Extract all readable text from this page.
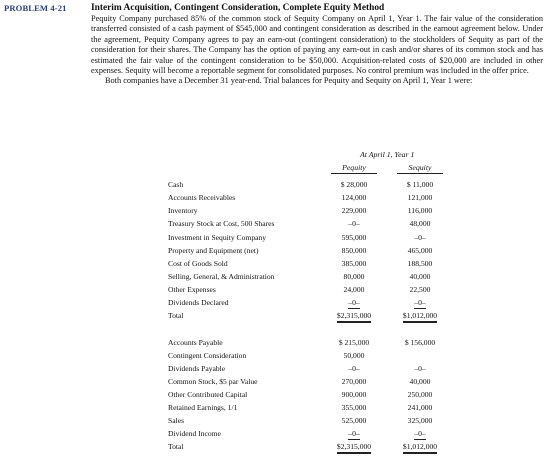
PROBLEM 4-21	Interim Acquisition, Contingent Consideration, Complete Equity Method

Pequity Company purchased 85% of the common stock of Sequity Company on April 1, Year 1. The fair value of the consideration transferred consisted of a cash payment of $545,000 and contingent consideration as described in the earnout agreement below. Under the agreement, Pequity Company agrees to pay an earn-out (contingent consideration) to the stockholders of Sequity as part of the consideration for their shares. The Company has the option of paying any earn-out in cash and/or shares of its common stock and has estimated the fair value of the contingent consideration to be $50,000. Acquisition-related costs of $20,000 are included in other expenses. Sequity will become a reportable segment for consolidated purposes. No control premium was included in the offer price.

Both companies have a December 31 year-end. Trial balances for Pequity and Sequity on April 1, Year 1 were:

At April 1, Year 1
Pequity	Sequity
Cash	$ 28,000	$ 11,000
Accounts Receivables	124,000	121,000
Inventory	229,000	116,000
Treasury Stock at Cost, 500 Shares	–0–	48,000
Investment in Sequity Company	595,000	–0–
Property and Equipment (net)	850,000	465,000
Cost of Goods Sold	385,000	188,500
Selling, General, & Administration	80,000	40,000
Other Expenses	24,000	22,500
Dividends Declared	–0–	–0–
Total	$2,315,000	$1,012,000
Accounts Payable	$ 215,000	$ 156,000
Contingent Consideration	50,000
Dividends Payable	–0–	–0–
Common Stock, $5 par Value	270,000	40,000
Other Contributed Capital	900,000	250,000
Retained Earnings, 1/1	355,000	241,000
Sales	525,000	325,000
Dividend Income	–0–	–0–
Total	$2,315,000	$1,012,000
